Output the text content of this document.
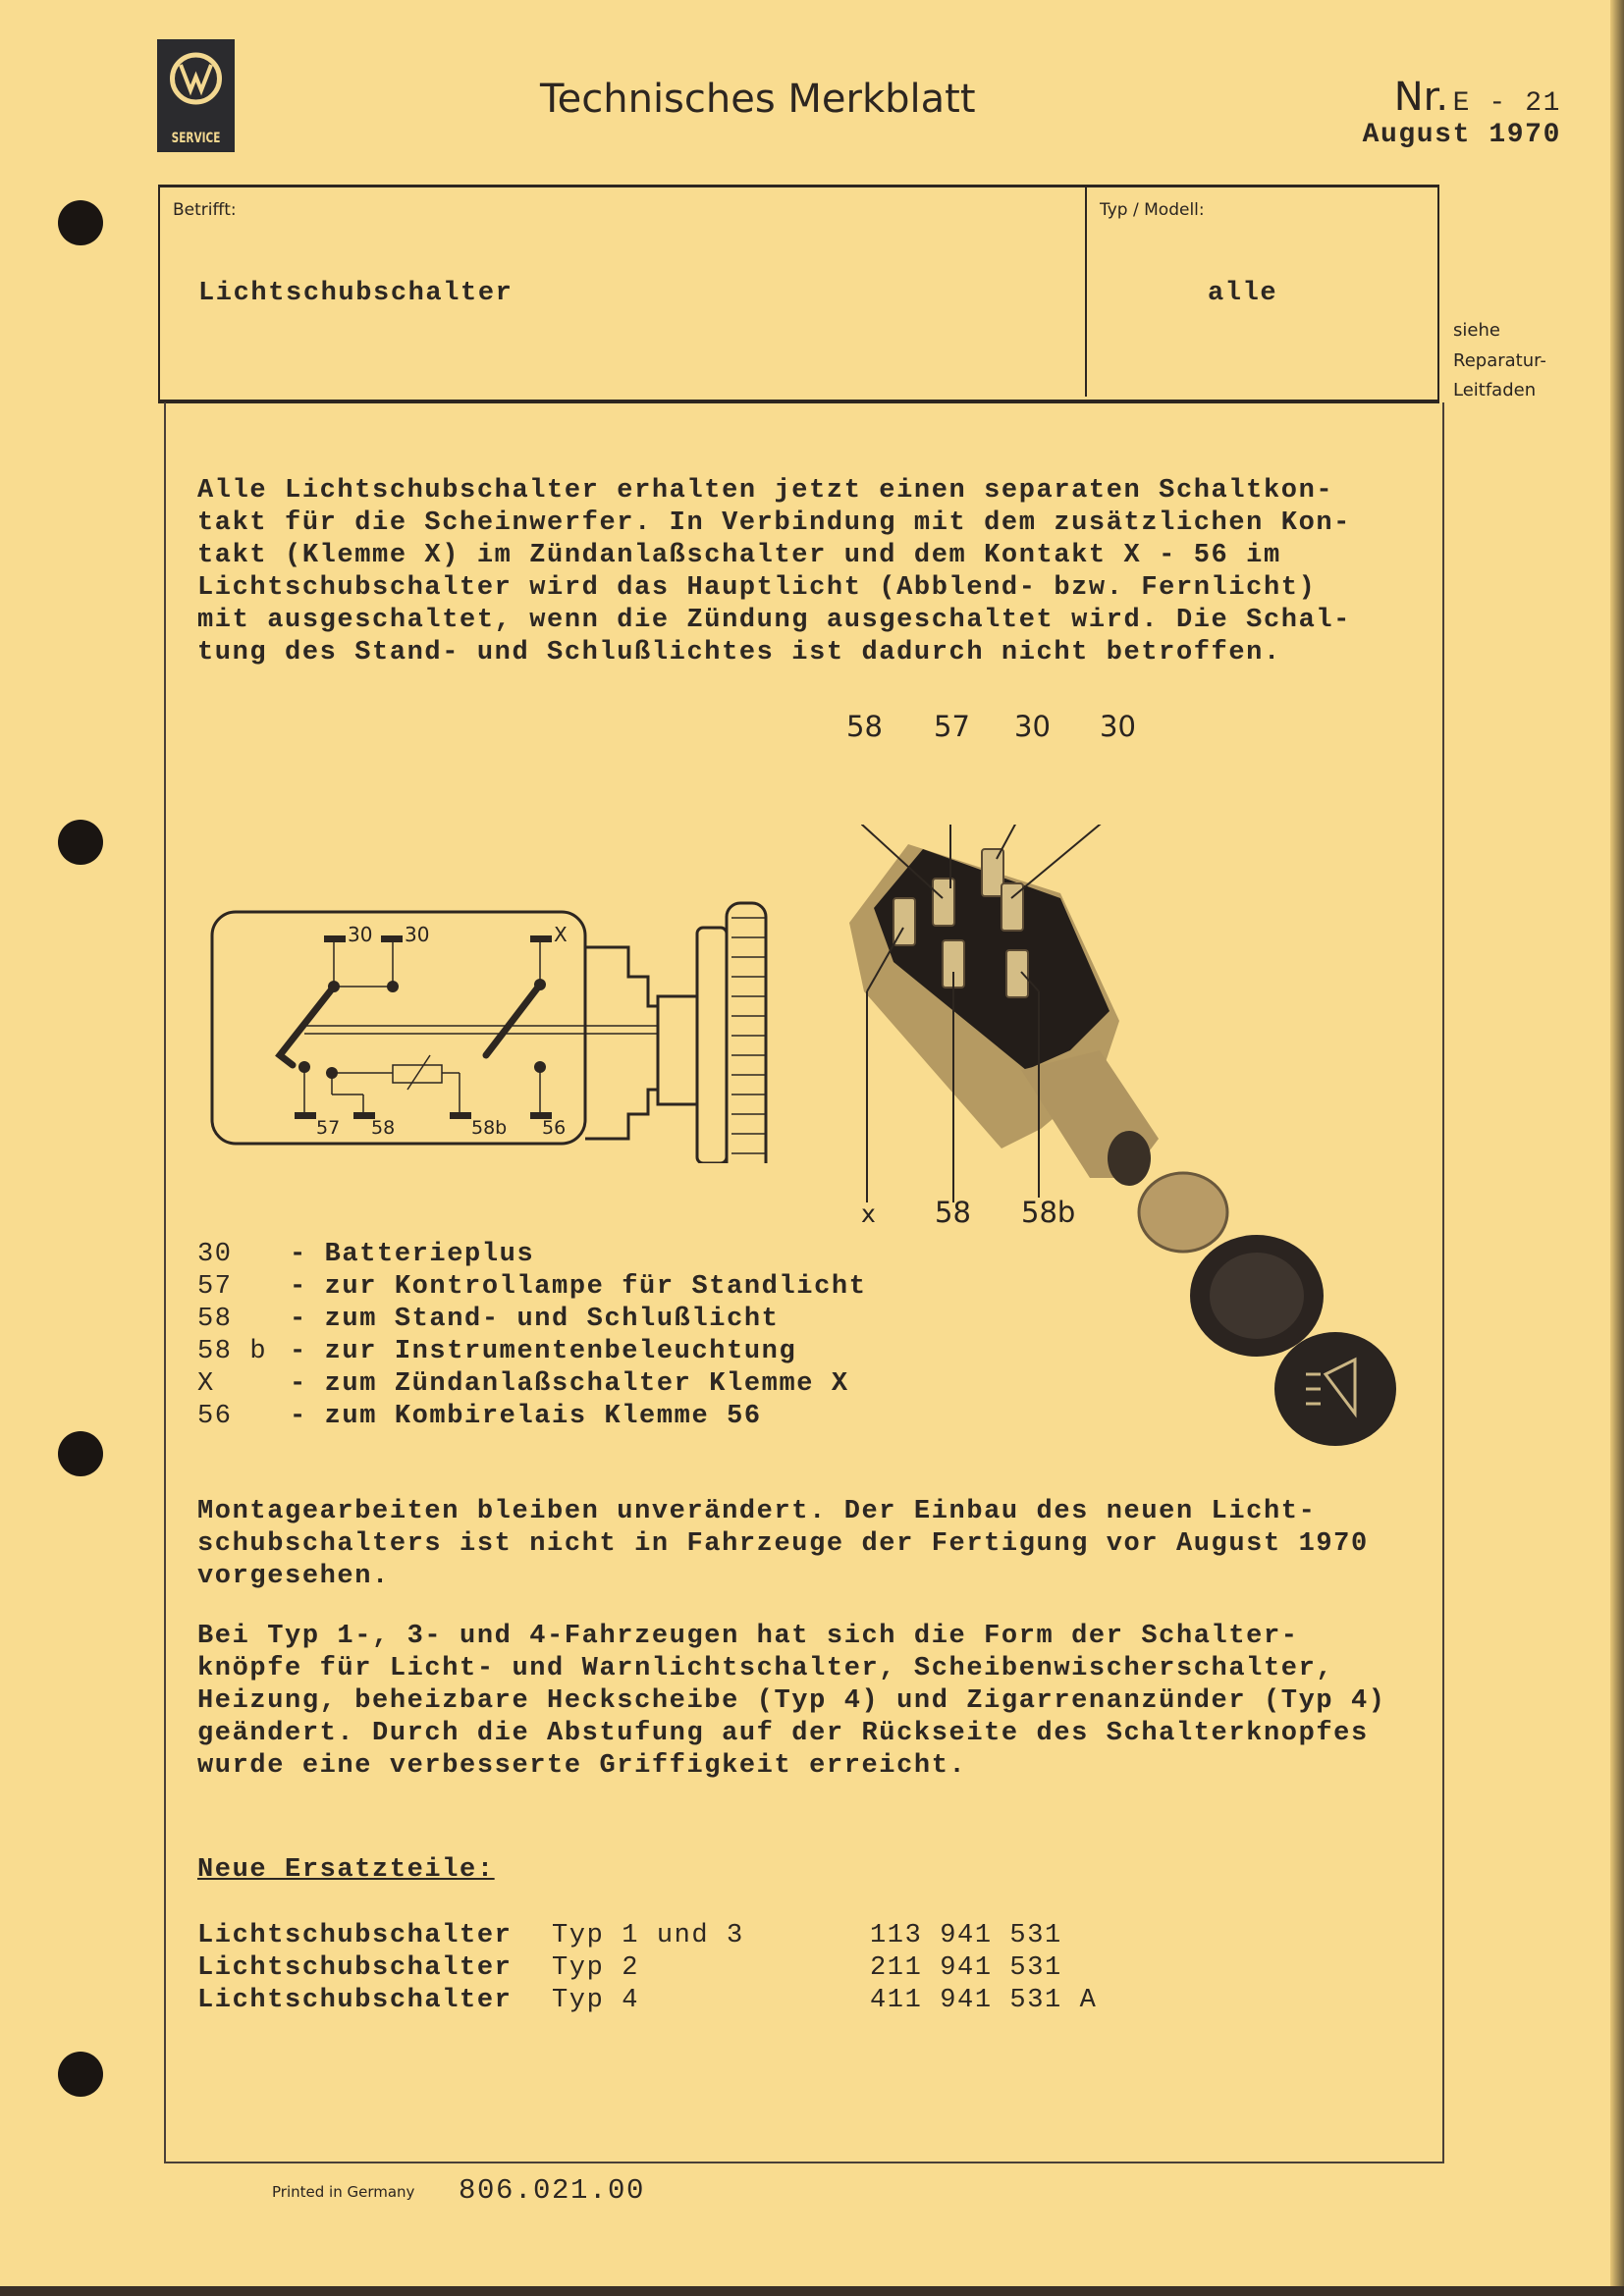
SERVICE
Technisches Merkblatt	Nr. E - 21
August 1970
Betrifft:
Lichtschubschalter
Typ / Modell:
alle
siehe
Reparatur-
Leitfaden
Alle Lichtschubschalter erhalten jetzt einen separaten Schaltkon-
takt für die Scheinwerfer. In Verbindung mit dem zusätzlichen Kon-
takt (Klemme X) im Zündanlaßschalter und dem Kontakt X - 56 im
Lichtschubschalter wird das Hauptlicht (Abblend- bzw. Fernlicht)
mit ausgeschaltet, wenn die Zündung ausgeschaltet wird. Die Schal-
tung des Stand- und Schlußlichtes ist dadurch nicht betroffen.
30 30	X
57 58	58b 56
58 57 30 30
x 58 58b
30 - Batterieplus
57 - zur Kontrollampe für Standlicht
58 - zum Stand- und Schlußlicht
58 b - zur Instrumentenbeleuchtung
X	- zum Zündanlaßschalter Klemme X
56 - zum Kombirelais Klemme 56
Montagearbeiten bleiben unverändert. Der Einbau des neuen Licht-
schubschalters ist nicht in Fahrzeuge der Fertigung vor August 1970
vorgesehen.
Bei Typ 1-, 3- und 4-Fahrzeugen hat sich die Form der Schalter-
knöpfe für Licht- und Warnlichtschalter, Scheibenwischerschalter,
Heizung, beheizbare Heckscheibe (Typ 4) und Zigarrenanzünder (Typ 4)
geändert. Durch die Abstufung auf der Rückseite des Schalterknopfes
wurde eine verbesserte Griffigkeit erreicht.
Neue Ersatzteile:
Lichtschubschalter Typ 1 und 3	113 941 531
Lichtschubschalter Typ 2	211 941 531
Lichtschubschalter Typ 4	411 941 531 A
Printed in Germany 806.021.00
